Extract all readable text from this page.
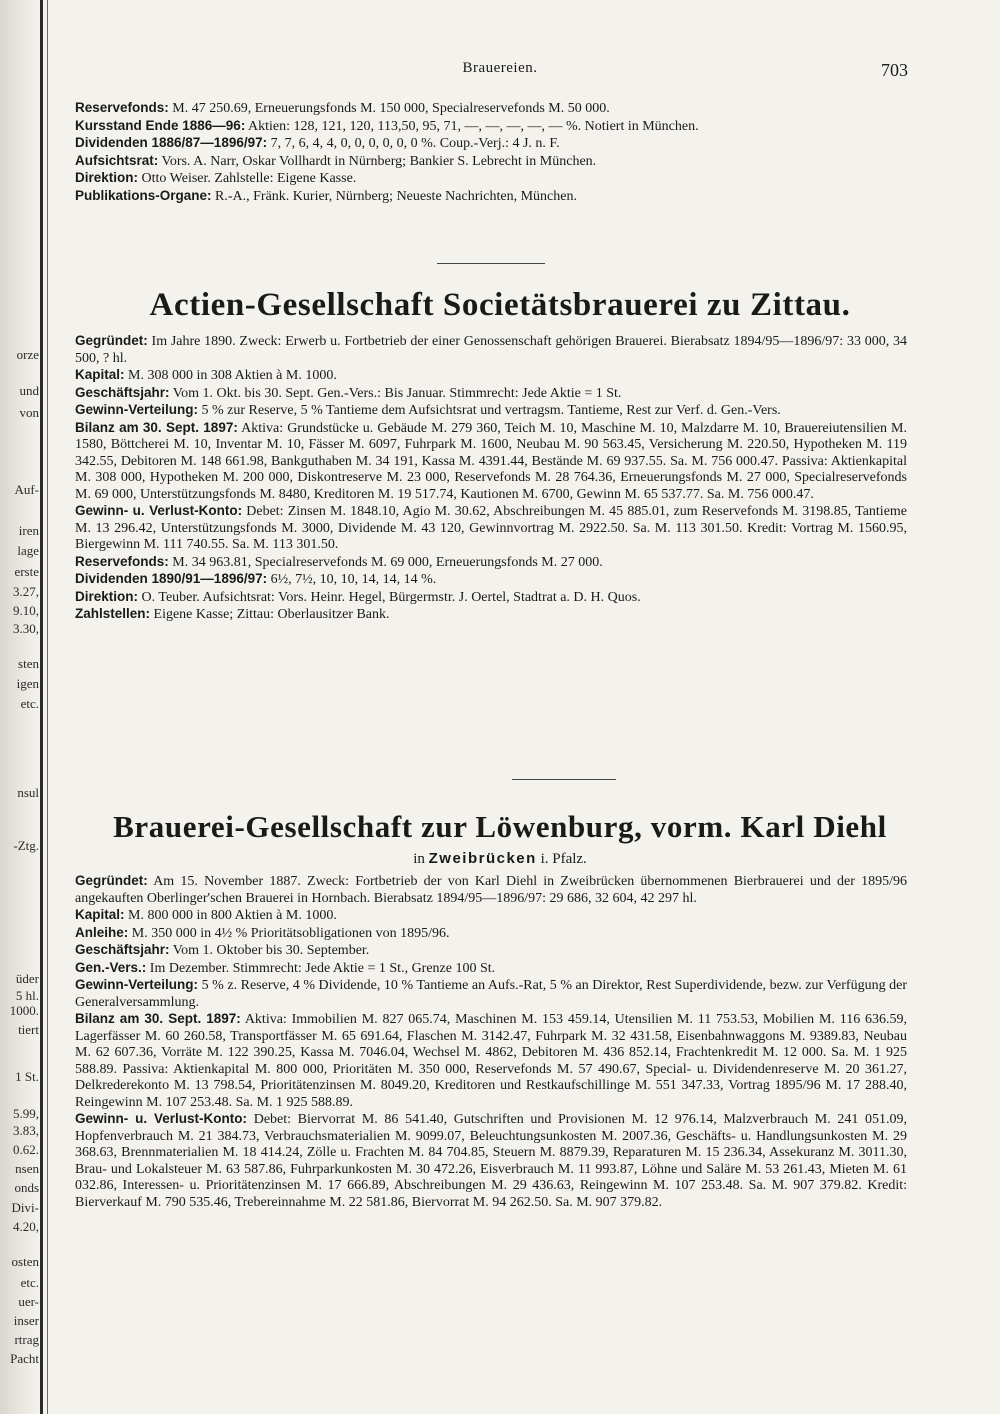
orze
und
von
Auf-
iren
lage
erste
3.27,
9.10,
3.30,
sten
igen
etc.
nsul
-Ztg.
üder
5 hl.
1000.
tiert
1 St.
5.99,
3.83,
0.62.
nsen
onds
Divi-
4.20,
osten
etc.
uer-
inser
rtrag
Pacht
Brauereien.	703

Reservefonds: M. 47 250.69, Erneuerungsfonds M. 150 000, Specialreservefonds M. 50 000.

Kursstand Ende 1886—96: Aktien: 128, 121, 120, 113,50, 95, 71, —, —, —, —, — %. Notiert in München.

Dividenden 1886/87—1896/97: 7, 7, 6, 4, 4, 0, 0, 0, 0, 0, 0 %. Coup.-Verj.: 4 J. n. F.

Aufsichtsrat: Vors. A. Narr, Oskar Vollhardt in Nürnberg; Bankier S. Lebrecht in München.

Direktion: Otto Weiser. Zahlstelle: Eigene Kasse.

Publikations-Organe: R.-A., Fränk. Kurier, Nürnberg; Neueste Nachrichten, München.

Actien-Gesellschaft Societätsbrauerei zu Zittau.

Gegründet: Im Jahre 1890. Zweck: Erwerb u. Fortbetrieb der einer Genossenschaft gehörigen Brauerei. Bierabsatz 1894/95—1896/97: 33 000, 34 500, ? hl.

Kapital: M. 308 000 in 308 Aktien à M. 1000.

Geschäftsjahr: Vom 1. Okt. bis 30. Sept. Gen.-Vers.: Bis Januar. Stimmrecht: Jede Aktie = 1 St.

Gewinn-Verteilung: 5 % zur Reserve, 5 % Tantieme dem Aufsichtsrat und vertragsm. Tantieme, Rest zur Verf. d. Gen.-Vers.

Bilanz am 30. Sept. 1897: Aktiva: Grundstücke u. Gebäude M. 279 360, Teich M. 10, Maschine M. 10, Malzdarre M. 10, Brauereiutensilien M. 1580, Böttcherei M. 10, Inventar M. 10, Fässer M. 6097, Fuhrpark M. 1600, Neubau M. 90 563.45, Versicherung M. 220.50, Hypotheken M. 119 342.55, Debitoren M. 148 661.98, Bankguthaben M. 34 191, Kassa M. 4391.44, Bestände M. 69 937.55. Sa. M. 756 000.47. Passiva: Aktienkapital M. 308 000, Hypotheken M. 200 000, Diskontreserve M. 23 000, Reservefonds M. 28 764.36, Erneuerungsfonds M. 27 000, Specialreservefonds M. 69 000, Unterstützungsfonds M. 8480, Kreditoren M. 19 517.74, Kautionen M. 6700, Gewinn M. 65 537.77. Sa. M. 756 000.47.

Gewinn- u. Verlust-Konto: Debet: Zinsen M. 1848.10, Agio M. 30.62, Abschreibungen M. 45 885.01, zum Reservefonds M. 3198.85, Tantieme M. 13 296.42, Unterstützungsfonds M. 3000, Dividende M. 43 120, Gewinnvortrag M. 2922.50. Sa. M. 113 301.50. Kredit: Vortrag M. 1560.95, Biergewinn M. 111 740.55. Sa. M. 113 301.50.

Reservefonds: M. 34 963.81, Specialreservefonds M. 69 000, Erneuerungsfonds M. 27 000.

Dividenden 1890/91—1896/97: 6½, 7½, 10, 10, 14, 14, 14 %.

Direktion: O. Teuber. Aufsichtsrat: Vors. Heinr. Hegel, Bürgermstr. J. Oertel, Stadtrat a. D. H. Quos.

Zahlstellen: Eigene Kasse; Zittau: Oberlausitzer Bank.

Brauerei-Gesellschaft zur Löwenburg, vorm. Karl Diehl
in Zweibrücken i. Pfalz.

Gegründet: Am 15. November 1887. Zweck: Fortbetrieb der von Karl Diehl in Zweibrücken übernommenen Bierbrauerei und der 1895/96 angekauften Oberlinger'schen Brauerei in Hornbach. Bierabsatz 1894/95—1896/97: 29 686, 32 604, 42 297 hl.

Kapital: M. 800 000 in 800 Aktien à M. 1000.

Anleihe: M. 350 000 in 4½ % Prioritätsobligationen von 1895/96.

Geschäftsjahr: Vom 1. Oktober bis 30. September.

Gen.-Vers.: Im Dezember. Stimmrecht: Jede Aktie = 1 St., Grenze 100 St.

Gewinn-Verteilung: 5 % z. Reserve, 4 % Dividende, 10 % Tantieme an Aufs.-Rat, 5 % an Direktor, Rest Superdividende, bezw. zur Verfügung der Generalversammlung.

Bilanz am 30. Sept. 1897: Aktiva: Immobilien M. 827 065.74, Maschinen M. 153 459.14, Utensilien M. 11 753.53, Mobilien M. 116 636.59, Lagerfässer M. 60 260.58, Transportfässer M. 65 691.64, Flaschen M. 3142.47, Fuhrpark M. 32 431.58, Eisenbahnwaggons M. 9389.83, Neubau M. 62 607.36, Vorräte M. 122 390.25, Kassa M. 7046.04, Wechsel M. 4862, Debitoren M. 436 852.14, Frachtenkredit M. 12 000. Sa. M. 1 925 588.89. Passiva: Aktienkapital M. 800 000, Prioritäten M. 350 000, Reservefonds M. 57 490.67, Special- u. Dividendenreserve M. 20 361.27, Delkrederekonto M. 13 798.54, Prioritätenzinsen M. 8049.20, Kreditoren und Restkaufschillinge M. 551 347.33, Vortrag 1895/96 M. 17 288.40, Reingewinn M. 107 253.48. Sa. M. 1 925 588.89.

Gewinn- u. Verlust-Konto: Debet: Biervorrat M. 86 541.40, Gutschriften und Provisionen M. 12 976.14, Malzverbrauch M. 241 051.09, Hopfenverbrauch M. 21 384.73, Verbrauchsmaterialien M. 9099.07, Beleuchtungsunkosten M. 2007.36, Geschäfts- u. Handlungsunkosten M. 29 368.63, Brennmaterialien M. 18 414.24, Zölle u. Frachten M. 84 704.85, Steuern M. 8879.39, Reparaturen M. 15 236.34, Assekuranz M. 3011.30, Brau- und Lokalsteuer M. 63 587.86, Fuhrparkunkosten M. 30 472.26, Eisverbrauch M. 11 993.87, Löhne und Saläre M. 53 261.43, Mieten M. 61 032.86, Interessen- u. Prioritätenzinsen M. 17 666.89, Abschreibungen M. 29 436.63, Reingewinn M. 107 253.48. Sa. M. 907 379.82. Kredit: Bierverkauf M. 790 535.46, Trebereinnahme M. 22 581.86, Biervorrat M. 94 262.50. Sa. M. 907 379.82.
